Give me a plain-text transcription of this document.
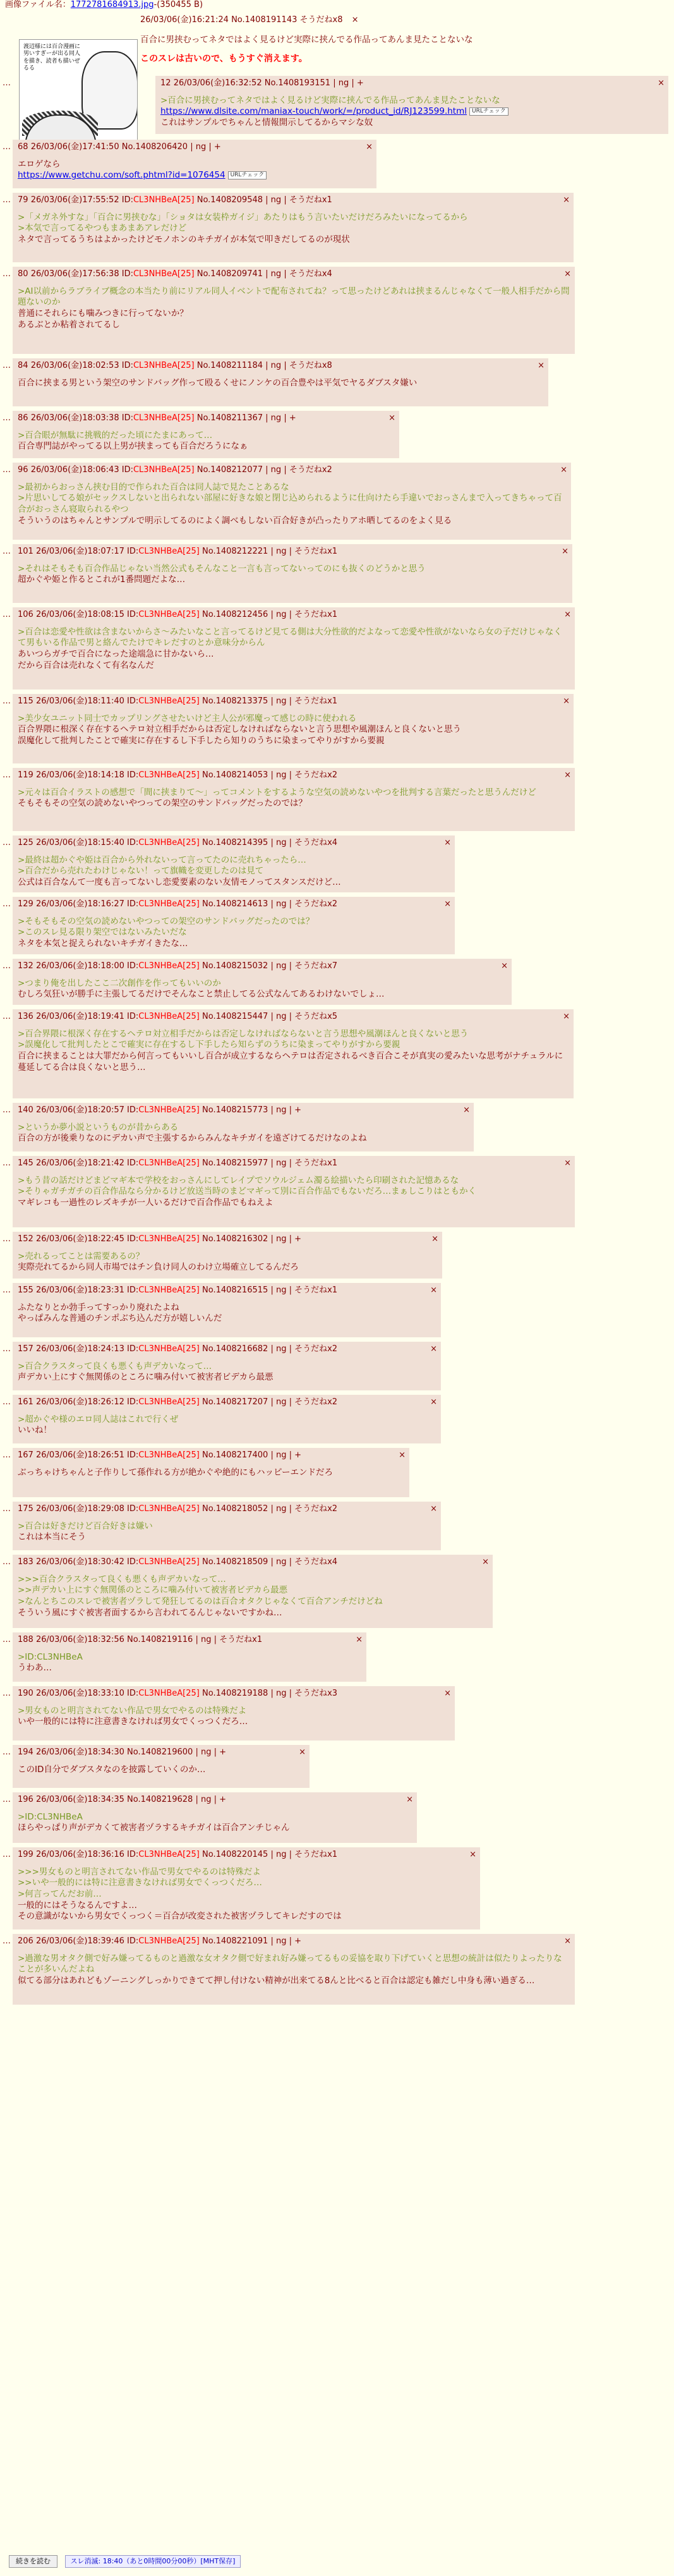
画像ファイル名：1772781684913.jpg-(350455 B)
渡辺様には百合漫画に男いすぎーが出る同人を描き、読者も描いぜるる
26/03/06(金)16:21:24 No.1408191143 そうだねx8 ×
百合に男挟むってネタではよく見るけど実際に挟んでる作品ってあんま見たことないな
このスレは古いので、もうすぐ消えます。
…	12 26/03/06(金)16:32:52 No.1408193151 | ng | +	×
>百合に男挟むってネタではよく見るけど実際に挟んでる作品ってあんま見たことないな
https://www.dlsite.com/maniax-touch/work/=/product_id/RJ123599.html URLチェック
これはサンプルでちゃんと情報開示してるからマシな奴
… 68 26/03/06(金)17:41:50 No.1408206420 | ng | +	×
エロゲなら
https://www.getchu.com/soft.phtml?id=1076454 URLチェック
… 79 26/03/06(金)17:55:52 ID:CL3NHBeA[25] No.1408209548 | ng | そうだねx1	×
>「メガネ外すな」「百合に男挟むな」「ショタは女装枠ガイジ」あたりはもう言いたいだけだろみたいになってるから
>本気で言ってるやつもまあまあアレだけど
ネタで言ってるうちはよかったけどモノホンのキチガイが本気で叩きだしてるのが現状
… 80 26/03/06(金)17:56:38 ID:CL3NHBeA[25] No.1408209741 | ng | そうだねx4	×
>AI以前からラブライブ概念の本当たり前にリアル同人イベントで配布されてね？って思ったけどあれは挟まるんじゃなくて一般人相手だから問題ないのか
普通にそれらにも噛みつきに行ってないか？
あるぶとか粘着されてるし
… 84 26/03/06(金)18:02:53 ID:CL3NHBeA[25] No.1408211184 | ng | そうだねx8	×
百合に挟まる男という架空のサンドバッグ作って殴るくせにノンケの百合豊やは平気でヤるダブスタ嫌い
… 86 26/03/06(金)18:03:38 ID:CL3NHBeA[25] No.1408211367 | ng | +	×
>百合眼が無駄に挑戦的だった頃にたまにあって…
百合専門誌がやってる以上男が挟まっても百合だろうになぁ
… 96 26/03/06(金)18:06:43 ID:CL3NHBeA[25] No.1408212077 | ng | そうだねx2	×
>最初からおっさん挟む目的で作られた百合は同人誌で見たことあるな
>片思いしてる娘がセックスしないと出られない部屋に好きな娘と閉じ込められるように仕向けたら手違いでおっさんまで入ってきちゃって百合がおっさん寝取られるやつ
そういうのはちゃんとサンプルで明示してるのによく調べもしない百合好きが凸ったりアホ晒してるのをよく見る
… 101 26/03/06(金)18:07:17 ID:CL3NHBeA[25] No.1408212221 | ng | そうだねx1	×
>それはそもそも百合作品じゃない当然公式もそんなこと一言も言ってないってのにも抜くのどうかと思う
超かぐや姫と作るとこれが1番問題だよな…
… 106 26/03/06(金)18:08:15 ID:CL3NHBeA[25] No.1408212456 | ng | そうだねx1	×
>百合は恋愛や性欲は含まないからさ〜みたいなこと言ってるけど見てる側は大分性欲的だよなって恋愛や性欲がないなら女の子だけじゃなくて男もいる作品で男と絡んでたけでキレだすのとか意味分からん
あいつらガチで百合になった途端急に甘かないら…
だから百合は売れなくて有名なんだ
… 115 26/03/06(金)18:11:40 ID:CL3NHBeA[25] No.1408213375 | ng | そうだねx1	×
>美少女ユニット同士でカップリングさせたいけど主人公が邪魔って感じの時に使われる
百合界隈に根深く存在するヘテロ対立相手だからは否定しなければならないと言う思想や風潮ほんと良くないと思う
誤魔化して批判したことで確実に存在するし下手したら知りのうちに染まってやりがすから要親
… 119 26/03/06(金)18:14:18 ID:CL3NHBeA[25] No.1408214053 | ng | そうだねx2	×
>元々は百合イラストの感想で「間に挟まりて〜」ってコメントをするような空気の読めないやつを批判する言葉だったと思うんだけど
そもそもその空気の読めないやつっての架空のサンドバッグだったのでは？
… 125 26/03/06(金)18:15:40 ID:CL3NHBeA[25] No.1408214395 | ng | そうだねx4	×
>最終は超かぐや姫は百合から外れないって言ってたのに売れちゃったら…
>百合だから売れたわけじゃない！って旗幟を変更したのは見て
公式は百合なんて一度も言ってないし恋愛要素のない友情モノってスタンスだけど…
… 129 26/03/06(金)18:16:27 ID:CL3NHBeA[25] No.1408214613 | ng | そうだねx2	×
>そもそもその空気の読めないやつっての架空のサンドバッグだったのでは？
>このスレ見る限り架空ではないみたいだな
ネタを本気と捉えられないキチガイきたな…
… 132 26/03/06(金)18:18:00 ID:CL3NHBeA[25] No.1408215032 | ng | そうだねx7	×
>つまり俺を出したここ二次創作を作ってもいいのか
むしろ気狂いが勝手に主張してるだけでそんなこと禁止してる公式なんてあるわけないでしょ…
… 136 26/03/06(金)18:19:41 ID:CL3NHBeA[25] No.1408215447 | ng | そうだねx5	×
>百合界隈に根深く存在するヘテロ対立相手だからは否定しなければならないと言う思想や風潮ほんと良くないと思う
>誤魔化して批判したとこで確実に存在するし下手したら知らずのうちに染まってやりがすから要親
百合に挟まることは大罪だから何言ってもいいし百合が成立するならヘテロは否定されるべき百合こそが真実の愛みたいな思考がナチュラルに蔓延してる合は良くないと思う…
… 140 26/03/06(金)18:20:57 ID:CL3NHBeA[25] No.1408215773 | ng | +	×
>というか夢小説というものが昔からある
百合の方が後乗りなのにデカい声で主張するからみんなキチガイを遠ざけてるだけなのよね
… 145 26/03/06(金)18:21:42 ID:CL3NHBeA[25] No.1408215977 | ng | そうだねx1	×
>もう昔の話だけどまどマギ本で学校をおっさんにしてレイプでソウルジェム濁る絵描いたら印刷された記憶あるな
>そりゃガチガチの百合作品なら分かるけど放送当時のまどマギって別に百合作品でもないだろ…まぁしこりはともかく
マギレコも一過性のレズキチが一人いるだけで百合作品でもねえよ
… 152 26/03/06(金)18:22:45 ID:CL3NHBeA[25] No.1408216302 | ng | +	×
>売れるってことは需要あるの？
実際売れてるから同人市場ではチン負け同人のわけ立場確立してるんだろ
… 155 26/03/06(金)18:23:31 ID:CL3NHBeA[25] No.1408216515 | ng | そうだねx1	×
ふたなりとか勃手ってすっかり廃れたよね
やっぱみんな普通のチンポぶち込んだ方が嬉しいんだ
… 157 26/03/06(金)18:24:13 ID:CL3NHBeA[25] No.1408216682 | ng | そうだねx2	×
>百合クラスタって良くも悪くも声デカいなって…
声デカい上にすぐ無関係のところに噛み付いて被害者ビデカら最悪
… 161 26/03/06(金)18:26:12 ID:CL3NHBeA[25] No.1408217207 | ng | そうだねx2	×
>超かぐや様のエロ同人誌はこれで行くぜ
いいね！
… 167 26/03/06(金)18:26:51 ID:CL3NHBeA[25] No.1408217400 | ng | +	×
ぶっちゃけちゃんと子作りして孫作れる方が絶かぐや絶的にもハッピーエンドだろ
… 175 26/03/06(金)18:29:08 ID:CL3NHBeA[25] No.1408218052 | ng | そうだねx2	×
>百合は好きだけど百合好きは嫌い
これは本当にそう
… 183 26/03/06(金)18:30:42 ID:CL3NHBeA[25] No.1408218509 | ng | そうだねx4	×
>>>百合クラスタって良くも悪くも声デカいなって…
>>声デカい上にすぐ無関係のところに噛み付いて被害者ビデカら最悪
>なんとちこのスレで被害者ヅラして発狂してるのは百合オタクじゃなくて百合アンチだけどね
そういう風にすぐ被害者面するから言われてるんじゃないですかね…
… 188 26/03/06(金)18:32:56 No.1408219116 | ng | そうだねx1	×
>ID:CL3NHBeA
うわあ…
… 190 26/03/06(金)18:33:10 ID:CL3NHBeA[25] No.1408219188 | ng | そうだねx3	×
>男女ものと明言されてない作品で男女でやるのは特殊だよ
いや一般的には特に注意書きなければ男女でくっつくだろ…
… 194 26/03/06(金)18:34:30 No.1408219600 | ng | +	×
このID自分でダブスタなのを披露していくのか…
… 196 26/03/06(金)18:34:35 No.1408219628 | ng | +	×
>ID:CL3NHBeA
ほらやっぱり声がデカくて被害者ヅラするキチガイは百合アンチじゃん
… 199 26/03/06(金)18:36:16 ID:CL3NHBeA[25] No.1408220145 | ng | そうだねx1	×
>>>男女ものと明言されてない作品で男女でやるのは特殊だよ
>>いや一般的には特に注意書きなければ男女でくっつくだろ…
>何言ってんだお前…
一般的にはそうなるんですよ…
その意識がないから男女でくっつく＝百合が改変された被害ヅラしてキレだすのでは
… 206 26/03/06(金)18:39:46 ID:CL3NHBeA[25] No.1408221091 | ng | +	×
>過激な男オタク側で好み嫌ってるものと過激な女オタク側で好まれ好み嫌ってるもの妥協を取り下げていくと思想の統計は似たりよったりなことが多いんだよね
似てる部分はあれどもゾーニングしっかりできてて押し付けない精神が出来てる8んと比べると百合は認定も雑だし中身も薄い過ぎる…
続きを読む	スレ消滅: 18:40（あと0時間00分00秒）[MHT保存]
